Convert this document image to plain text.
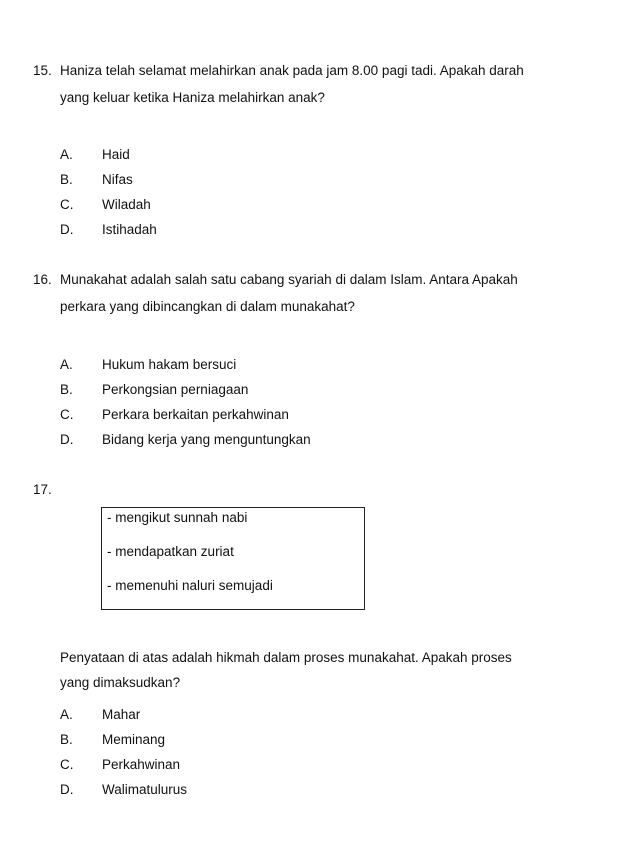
15. Haniza telah selamat melahirkan anak pada jam 8.00 pagi tadi. Apakah darah
yang keluar ketika Haniza melahirkan anak?
A. Haid
B. Nifas
C. Wiladah
D. Istihadah
16. Munakahat adalah salah satu cabang syariah di dalam Islam. Antara Apakah
perkara yang dibincangkan di dalam munakahat?
A. Hukum hakam bersuci
B. Perkongsian perniagaan
C. Perkara berkaitan perkahwinan
D. Bidang kerja yang menguntungkan
17.
- mengikut sunnah nabi
- mendapatkan zuriat
- memenuhi naluri semujadi
Penyataan di atas adalah hikmah dalam proses munakahat. Apakah proses
yang dimaksudkan?
A. Mahar
B. Meminang
C. Perkahwinan
D. Walimatulurus
